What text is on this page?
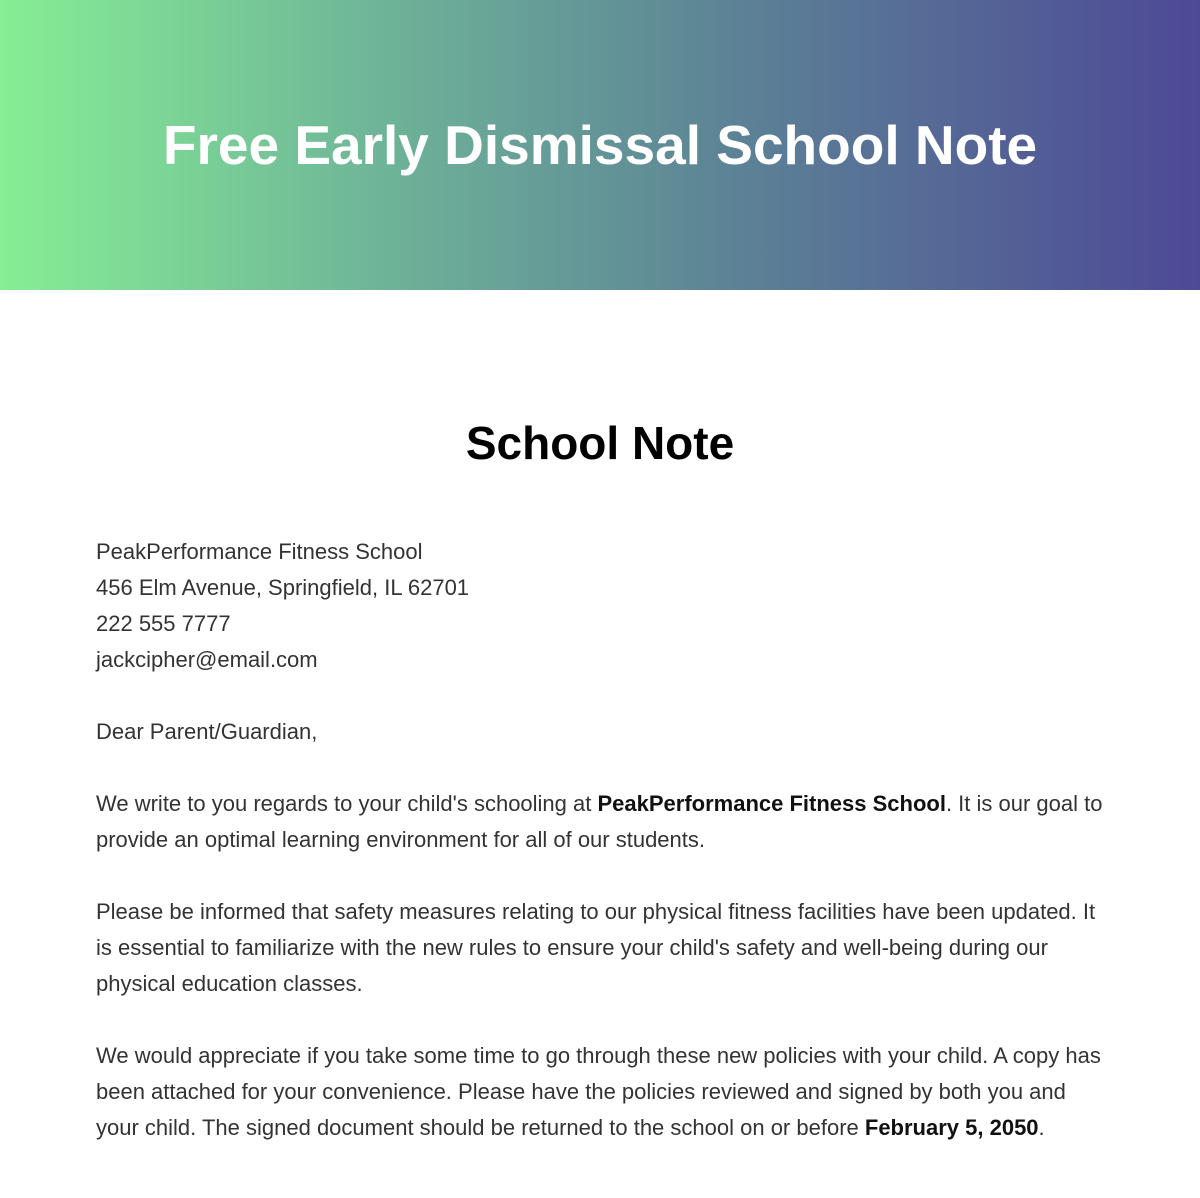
Free Early Dismissal School Note
School Note

PeakPerformance Fitness School

456 Elm Avenue, Springfield, IL 62701

222 555 7777

jackcipher@email.com

Dear Parent/Guardian,

We write to you regards to your child's schooling at PeakPerformance Fitness School. It is our goal to provide an optimal learning environment for all of our students.

Please be informed that safety measures relating to our physical fitness facilities have been updated. It is essential to familiarize with the new rules to ensure your child's safety and well-being during our physical education classes.

We would appreciate if you take some time to go through these new policies with your child. A copy has been attached for your convenience. Please have the policies reviewed and signed by both you and your child. The signed document should be returned to the school on or before February 5, 2050.
